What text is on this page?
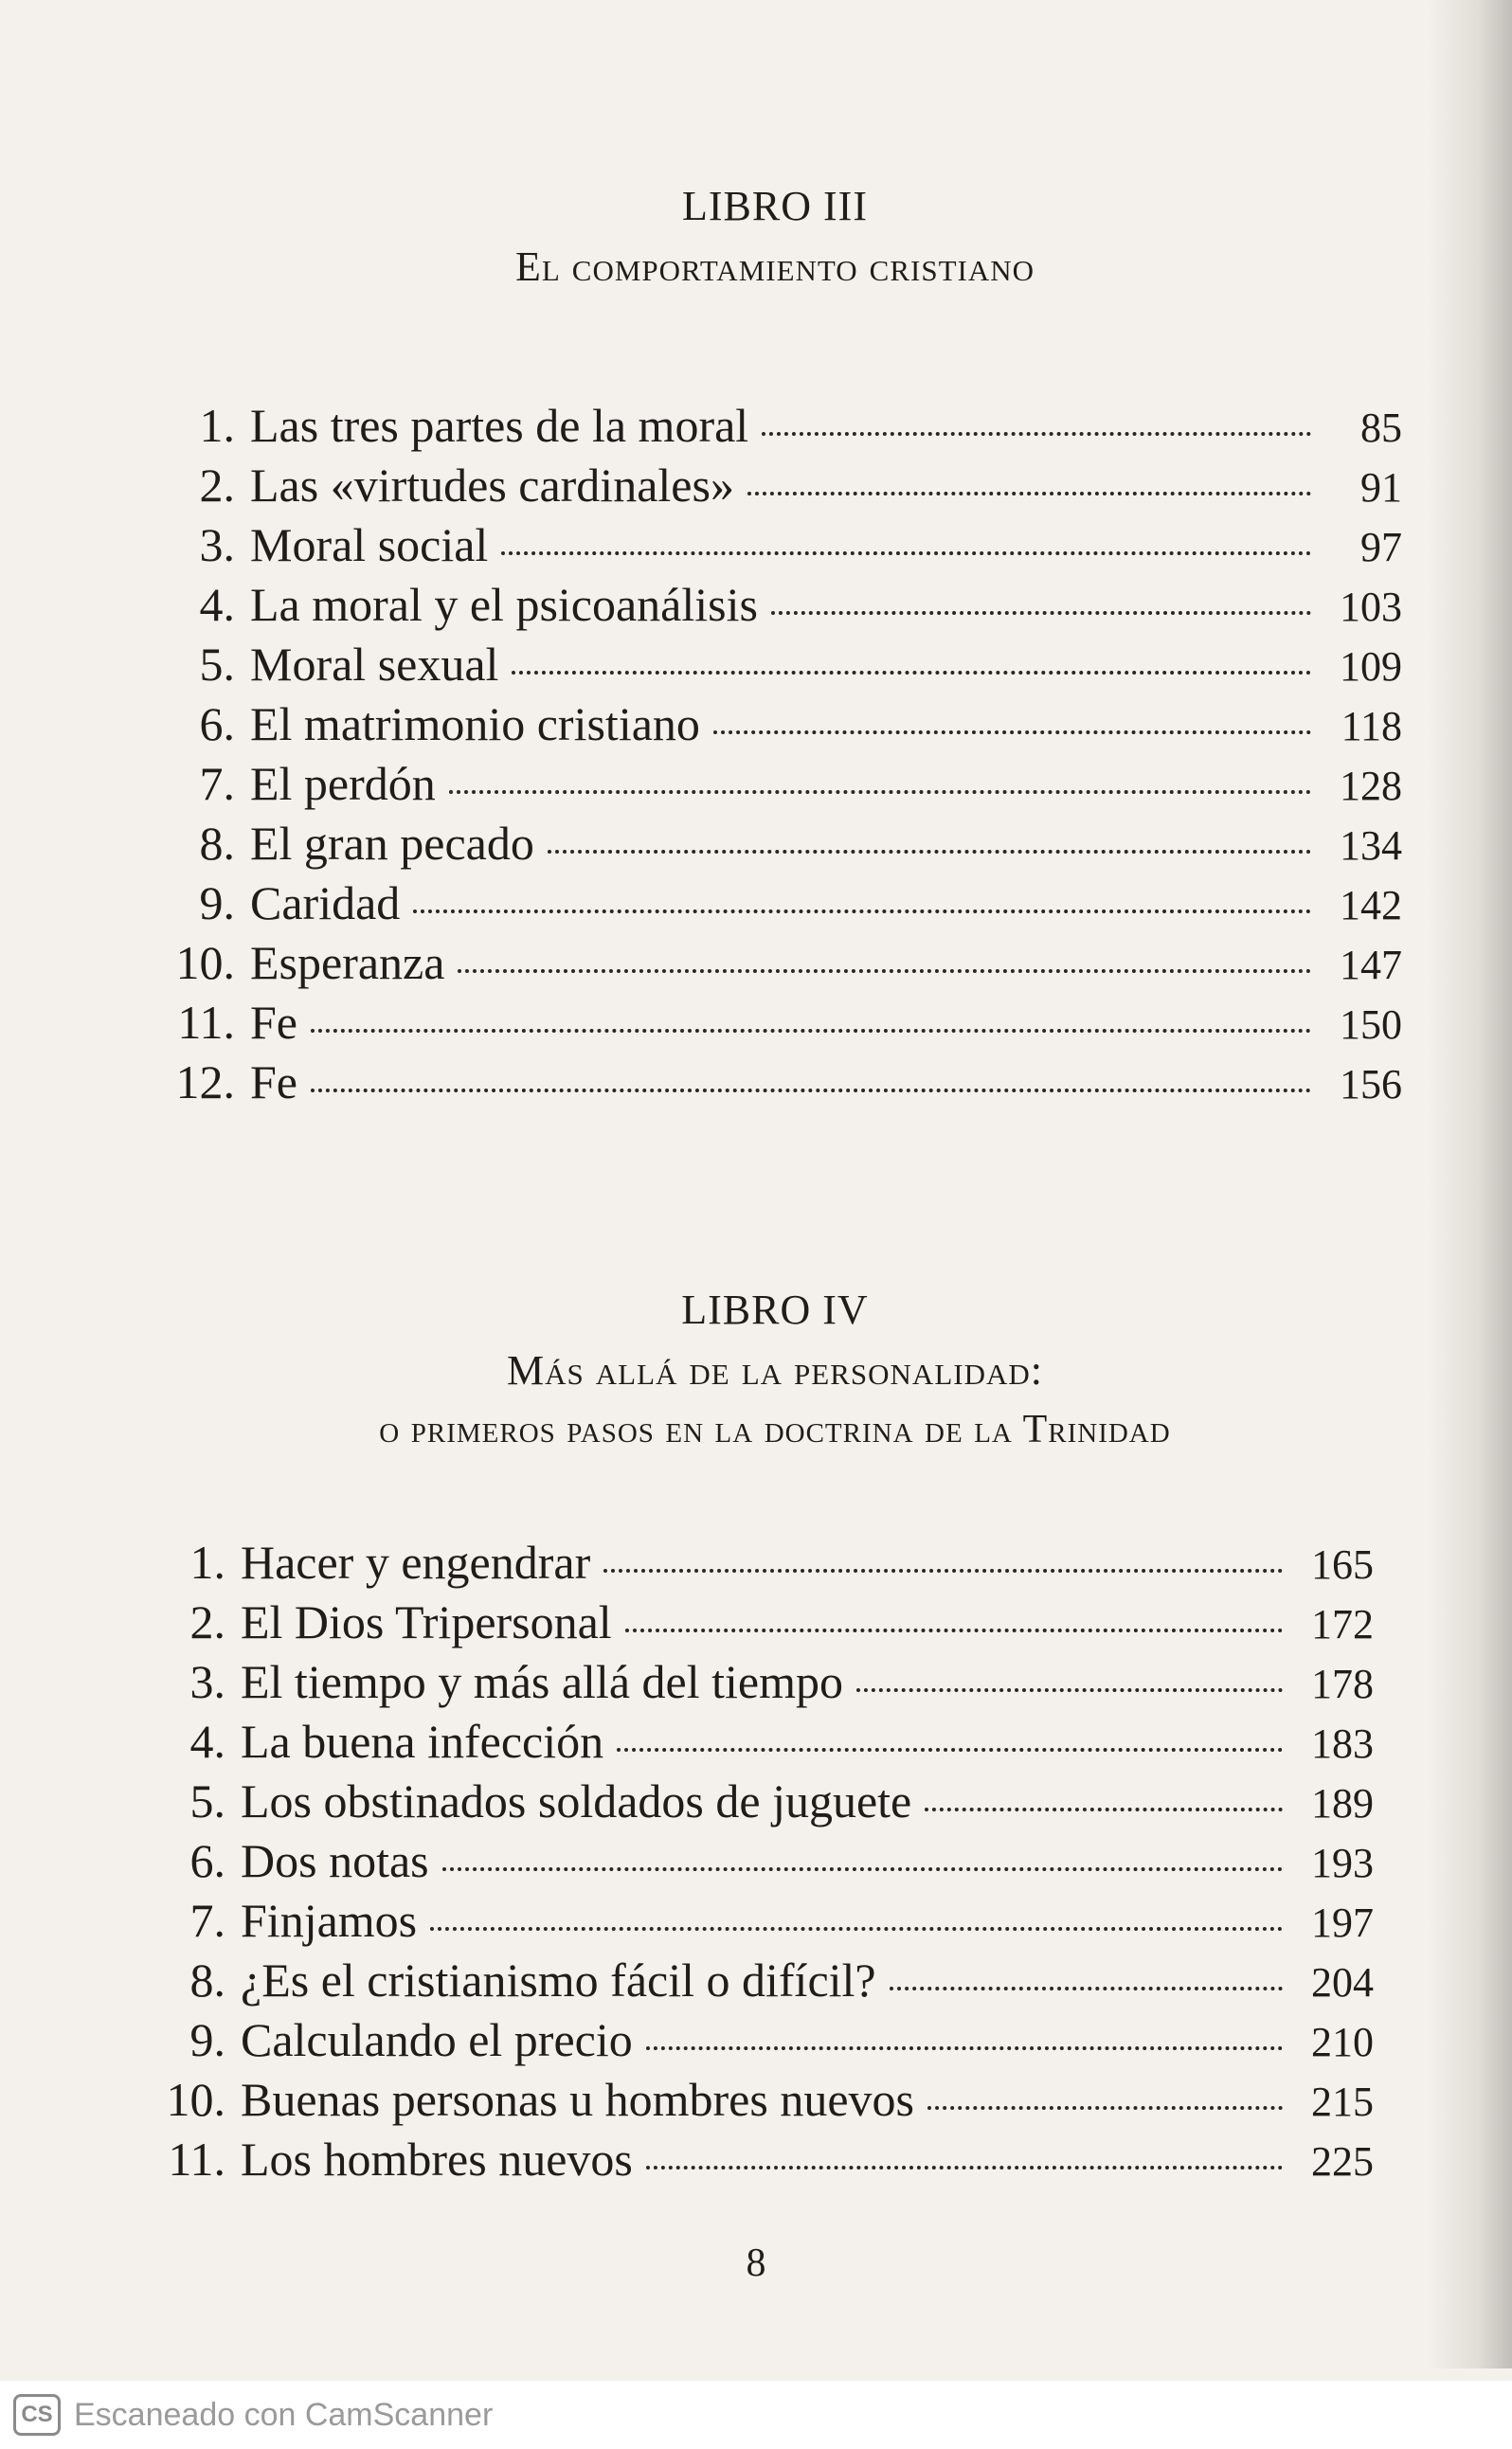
LIBRO III
El comportamiento cristiano
1. Las tres partes de la moral	85
2. Las «virtudes cardinales»	91
3. Moral social	97
4. La moral y el psicoanálisis	103
5. Moral sexual	109
6. El matrimonio cristiano	118
7. El perdón	128
8. El gran pecado	134
9. Caridad	142
10. Esperanza	147
11. Fe	150
12. Fe	156
LIBRO IV
Más allá de la personalidad:
o primeros pasos en la doctrina de la Trinidad
1. Hacer y engendrar	165
2. El Dios Tripersonal	172
3. El tiempo y más allá del tiempo	178
4. La buena infección	183
5. Los obstinados soldados de juguete	189
6. Dos notas	193
7. Finjamos	197
8. ¿Es el cristianismo fácil o difícil?	204
9. Calculando el precio	210
10. Buenas personas u hombres nuevos	215
11. Los hombres nuevos	225
8
CS Escaneado con CamScanner
